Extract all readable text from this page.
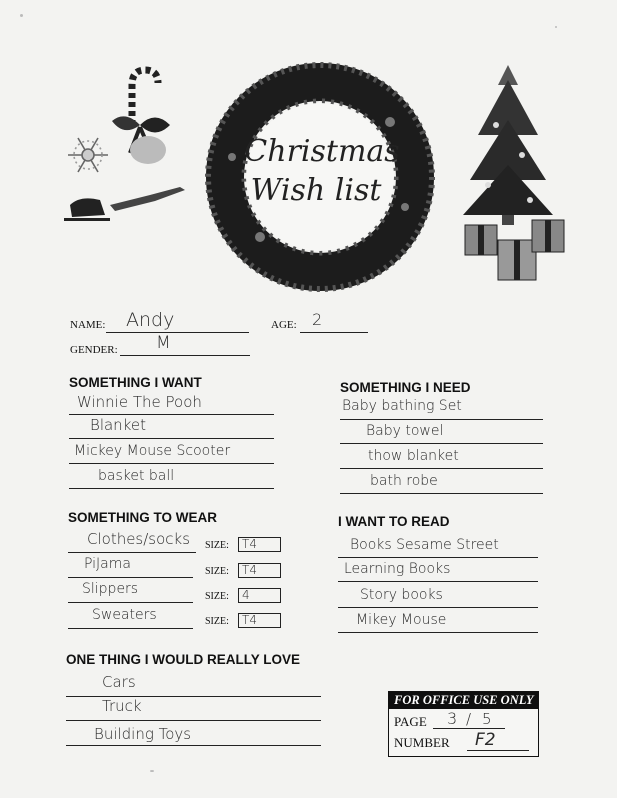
Christmas
Wish list
NAME: Andy	AGE: 2
GENDER: M
SOMETHING I WANT
Winnie The Pooh
Blanket
Mickey Mouse Scooter
basket ball
SOMETHING I NEED
Baby bathing Set
Baby towel
thow blanket
bath robe
SOMETHING TO WEAR
Clothes/socks SIZE:	T4
PiJama	SIZE:	T4
Slippers	SIZE:	4
Sweaters	SIZE:	T4
I WANT TO READ
Books Sesame Street
Learning Books
Story books
Mikey Mouse
ONE THING I WOULD REALLY LOVE
Cars
Truck
Building Toys
FOR OFFICE USE ONLY
PAGE 3 / 5
NUMBER F2
